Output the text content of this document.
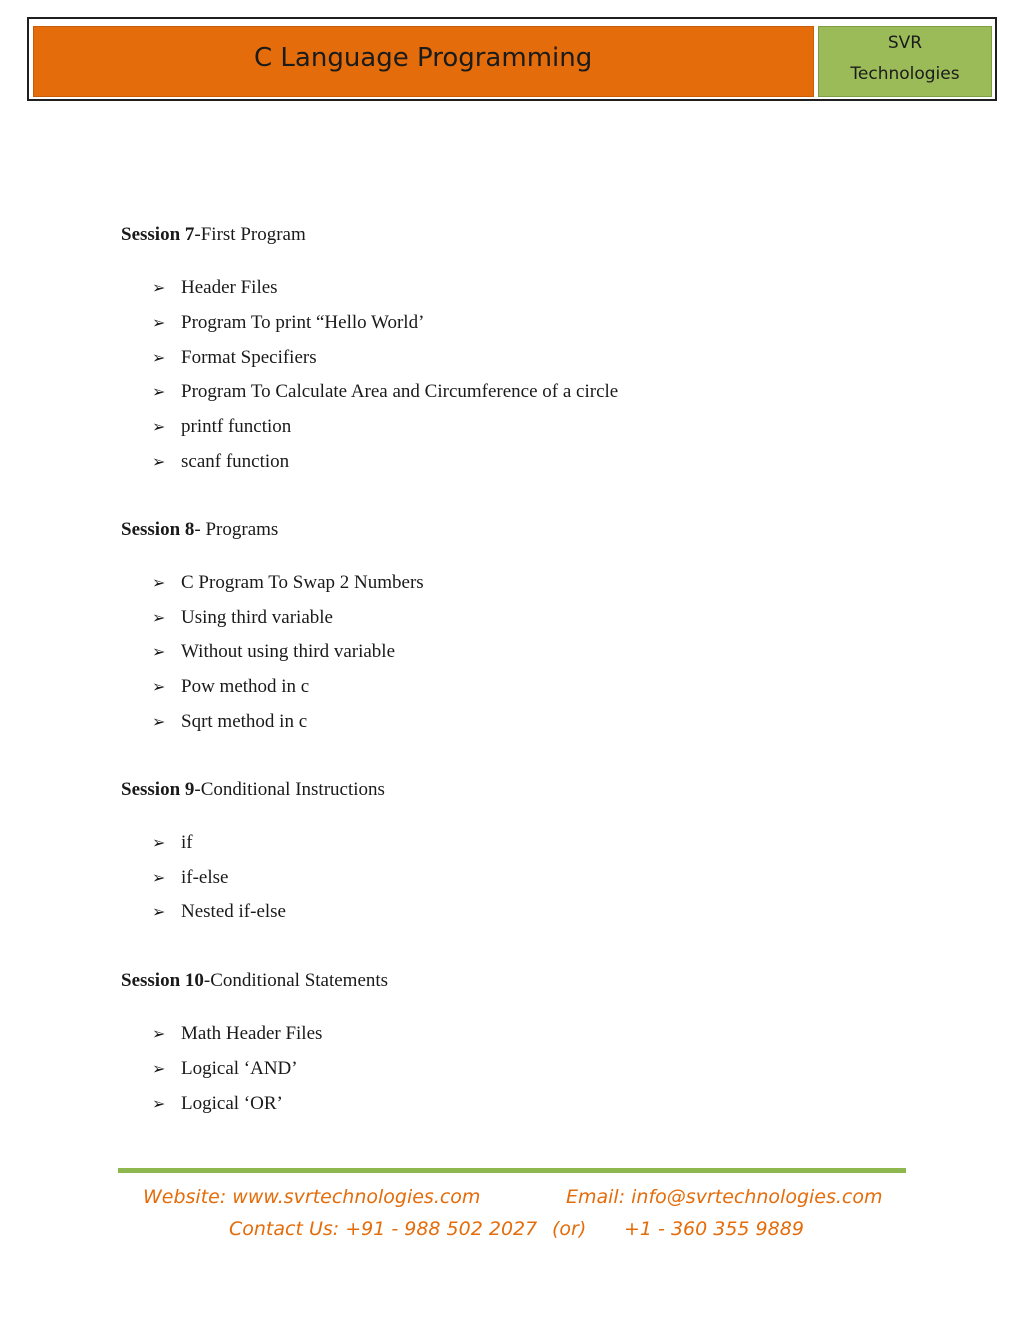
C Language Programming	SVR
Technologies

Session 7-First Program

➢ Header Files
➢ Program To print “Hello World’
➢ Format Specifiers
➢ Program To Calculate Area and Circumference of a circle
➢ printf function
➢ scanf function

Session 8- Programs

➢ C Program To Swap 2 Numbers
➢ Using third variable
➢ Without using third variable
➢ Pow method in c
➢ Sqrt method in c

Session 9-Conditional Instructions

➢ if
➢ if-else
➢ Nested if-else

Session 10-Conditional Statements

➢ Math Header Files
➢ Logical ‘AND’
➢ Logical ‘OR’
Website: www.svrtechnologies.com	Email: info@svrtechnologies.com
Contact Us: +91 - 988 502 2027 (or) +1 - 360 355 9889
